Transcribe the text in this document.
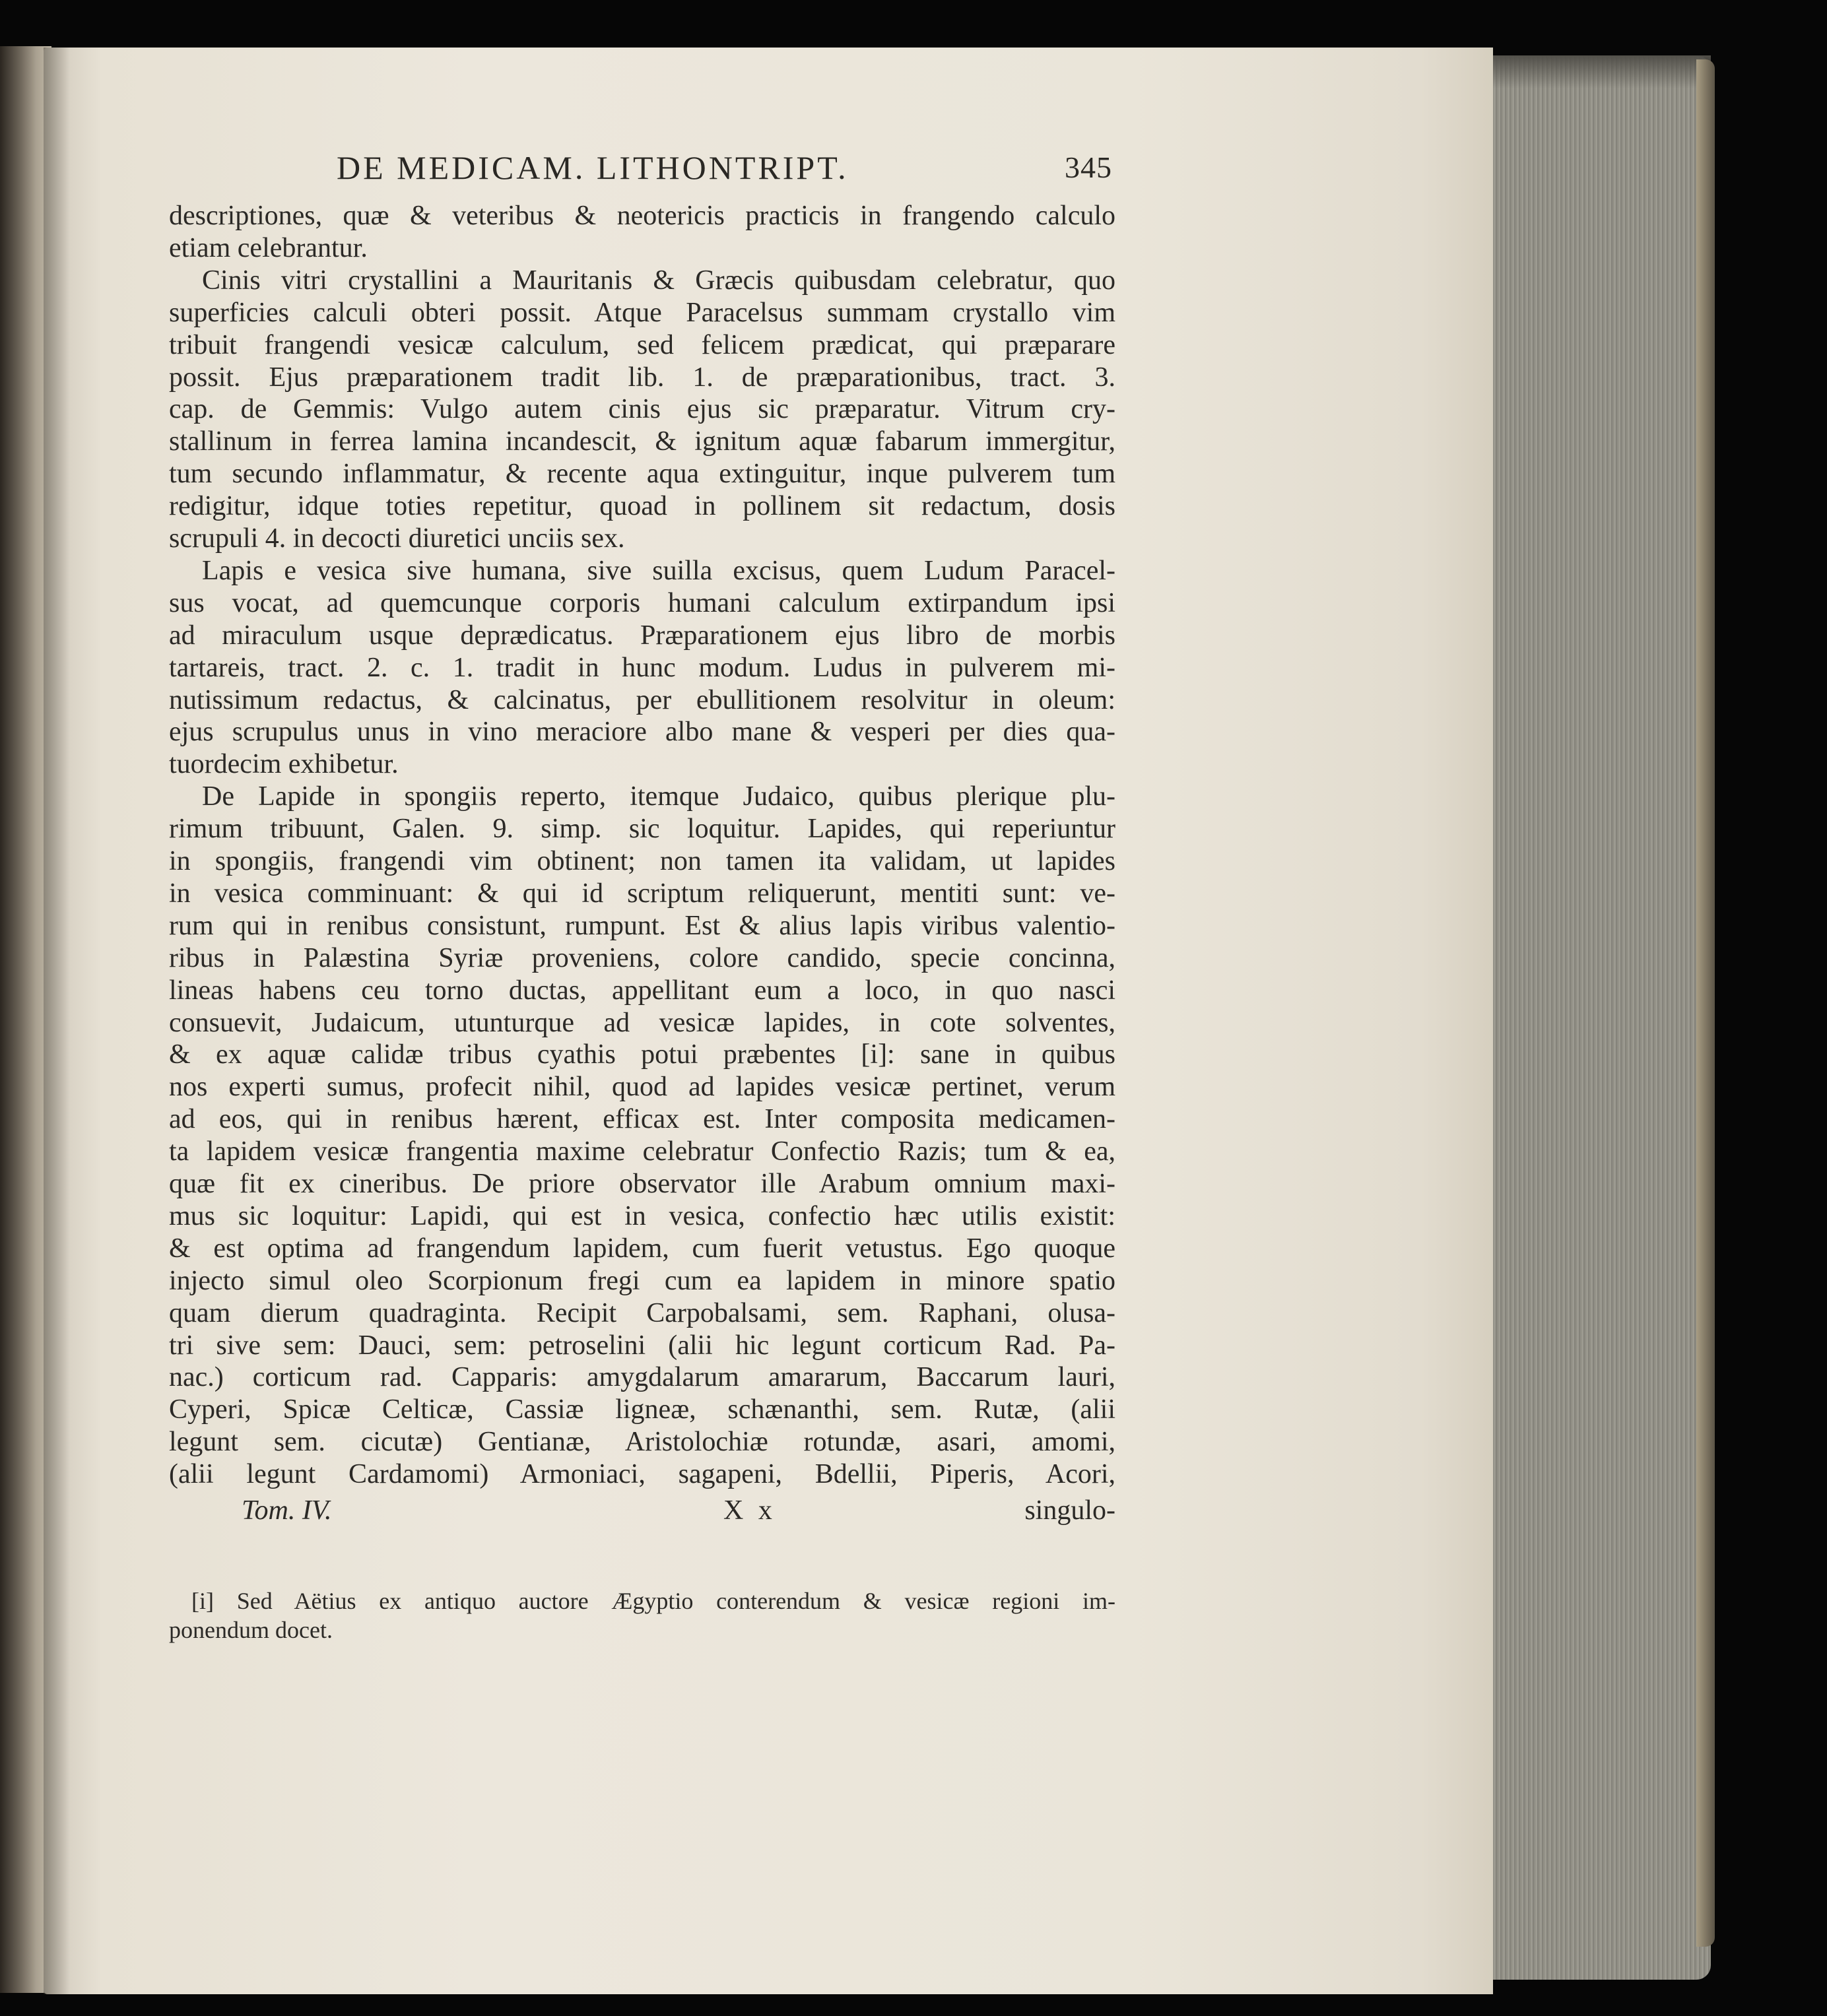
DE MEDICAM. LITHONTRIPT.	345
descriptiones, quæ & veteribus & neotericis practicis in frangendo calculo
etiam celebrantur.
Cinis vitri crystallini a Mauritanis & Græcis quibusdam celebratur, quo
superficies calculi obteri possit. Atque Paracelsus summam crystallo vim
tribuit frangendi vesicæ calculum, sed felicem prædicat, qui præparare
possit. Ejus præparationem tradit lib. 1. de præparationibus, tract. 3.
cap. de Gemmis: Vulgo autem cinis ejus sic præparatur. Vitrum cry-
stallinum in ferrea lamina incandescit, & ignitum aquæ fabarum immergitur,
tum secundo inflammatur, & recente aqua extinguitur, inque pulverem tum
redigitur, idque toties repetitur, quoad in pollinem sit redactum, dosis
scrupuli 4. in decocti diuretici unciis sex.
Lapis e vesica sive humana, sive suilla excisus, quem Ludum Paracel-
sus vocat, ad quemcunque corporis humani calculum extirpandum ipsi
ad miraculum usque deprædicatus. Præparationem ejus libro de morbis
tartareis, tract. 2. c. 1. tradit in hunc modum. Ludus in pulverem mi-
nutissimum redactus, & calcinatus, per ebullitionem resolvitur in oleum:
ejus scrupulus unus in vino meraciore albo mane & vesperi per dies qua-
tuordecim exhibetur.
De Lapide in spongiis reperto, itemque Judaico, quibus plerique plu-
rimum tribuunt, Galen. 9. simp. sic loquitur. Lapides, qui reperiuntur
in spongiis, frangendi vim obtinent; non tamen ita validam, ut lapides
in vesica comminuant: & qui id scriptum reliquerunt, mentiti sunt: ve-
rum qui in renibus consistunt, rumpunt. Est & alius lapis viribus valentio-
ribus in Palæstina Syriæ proveniens, colore candido, specie concinna,
lineas habens ceu torno ductas, appellitant eum a loco, in quo nasci
consuevit, Judaicum, utunturque ad vesicæ lapides, in cote solventes,
& ex aquæ calidæ tribus cyathis potui præbentes [i]: sane in quibus
nos experti sumus, profecit nihil, quod ad lapides vesicæ pertinet, verum
ad eos, qui in renibus hærent, efficax est. Inter composita medicamen-
ta lapidem vesicæ frangentia maxime celebratur Confectio Razis; tum & ea,
quæ fit ex cineribus. De priore observator ille Arabum omnium maxi-
mus sic loquitur: Lapidi, qui est in vesica, confectio hæc utilis existit:
& est optima ad frangendum lapidem, cum fuerit vetustus. Ego quoque
injecto simul oleo Scorpionum fregi cum ea lapidem in minore spatio
quam dierum quadraginta. Recipit Carpobalsami, sem. Raphani, olusa-
tri sive sem: Dauci, sem: petroselini (alii hic legunt corticum Rad. Pa-
nac.) corticum rad. Capparis: amygdalarum amararum, Baccarum lauri,
Cyperi, Spicæ Celticæ, Cassiæ ligneæ, schænanthi, sem. Rutæ, (alii
legunt sem. cicutæ) Gentianæ, Aristolochiæ rotundæ, asari, amomi,
(alii legunt Cardamomi) Armoniaci, sagapeni, Bdellii, Piperis, Acori,
Tom. IV.	X x	singulo-
[i] Sed Aëtius ex antiquo auctore Ægyptio conterendum & vesicæ regioni im-
ponendum docet.
